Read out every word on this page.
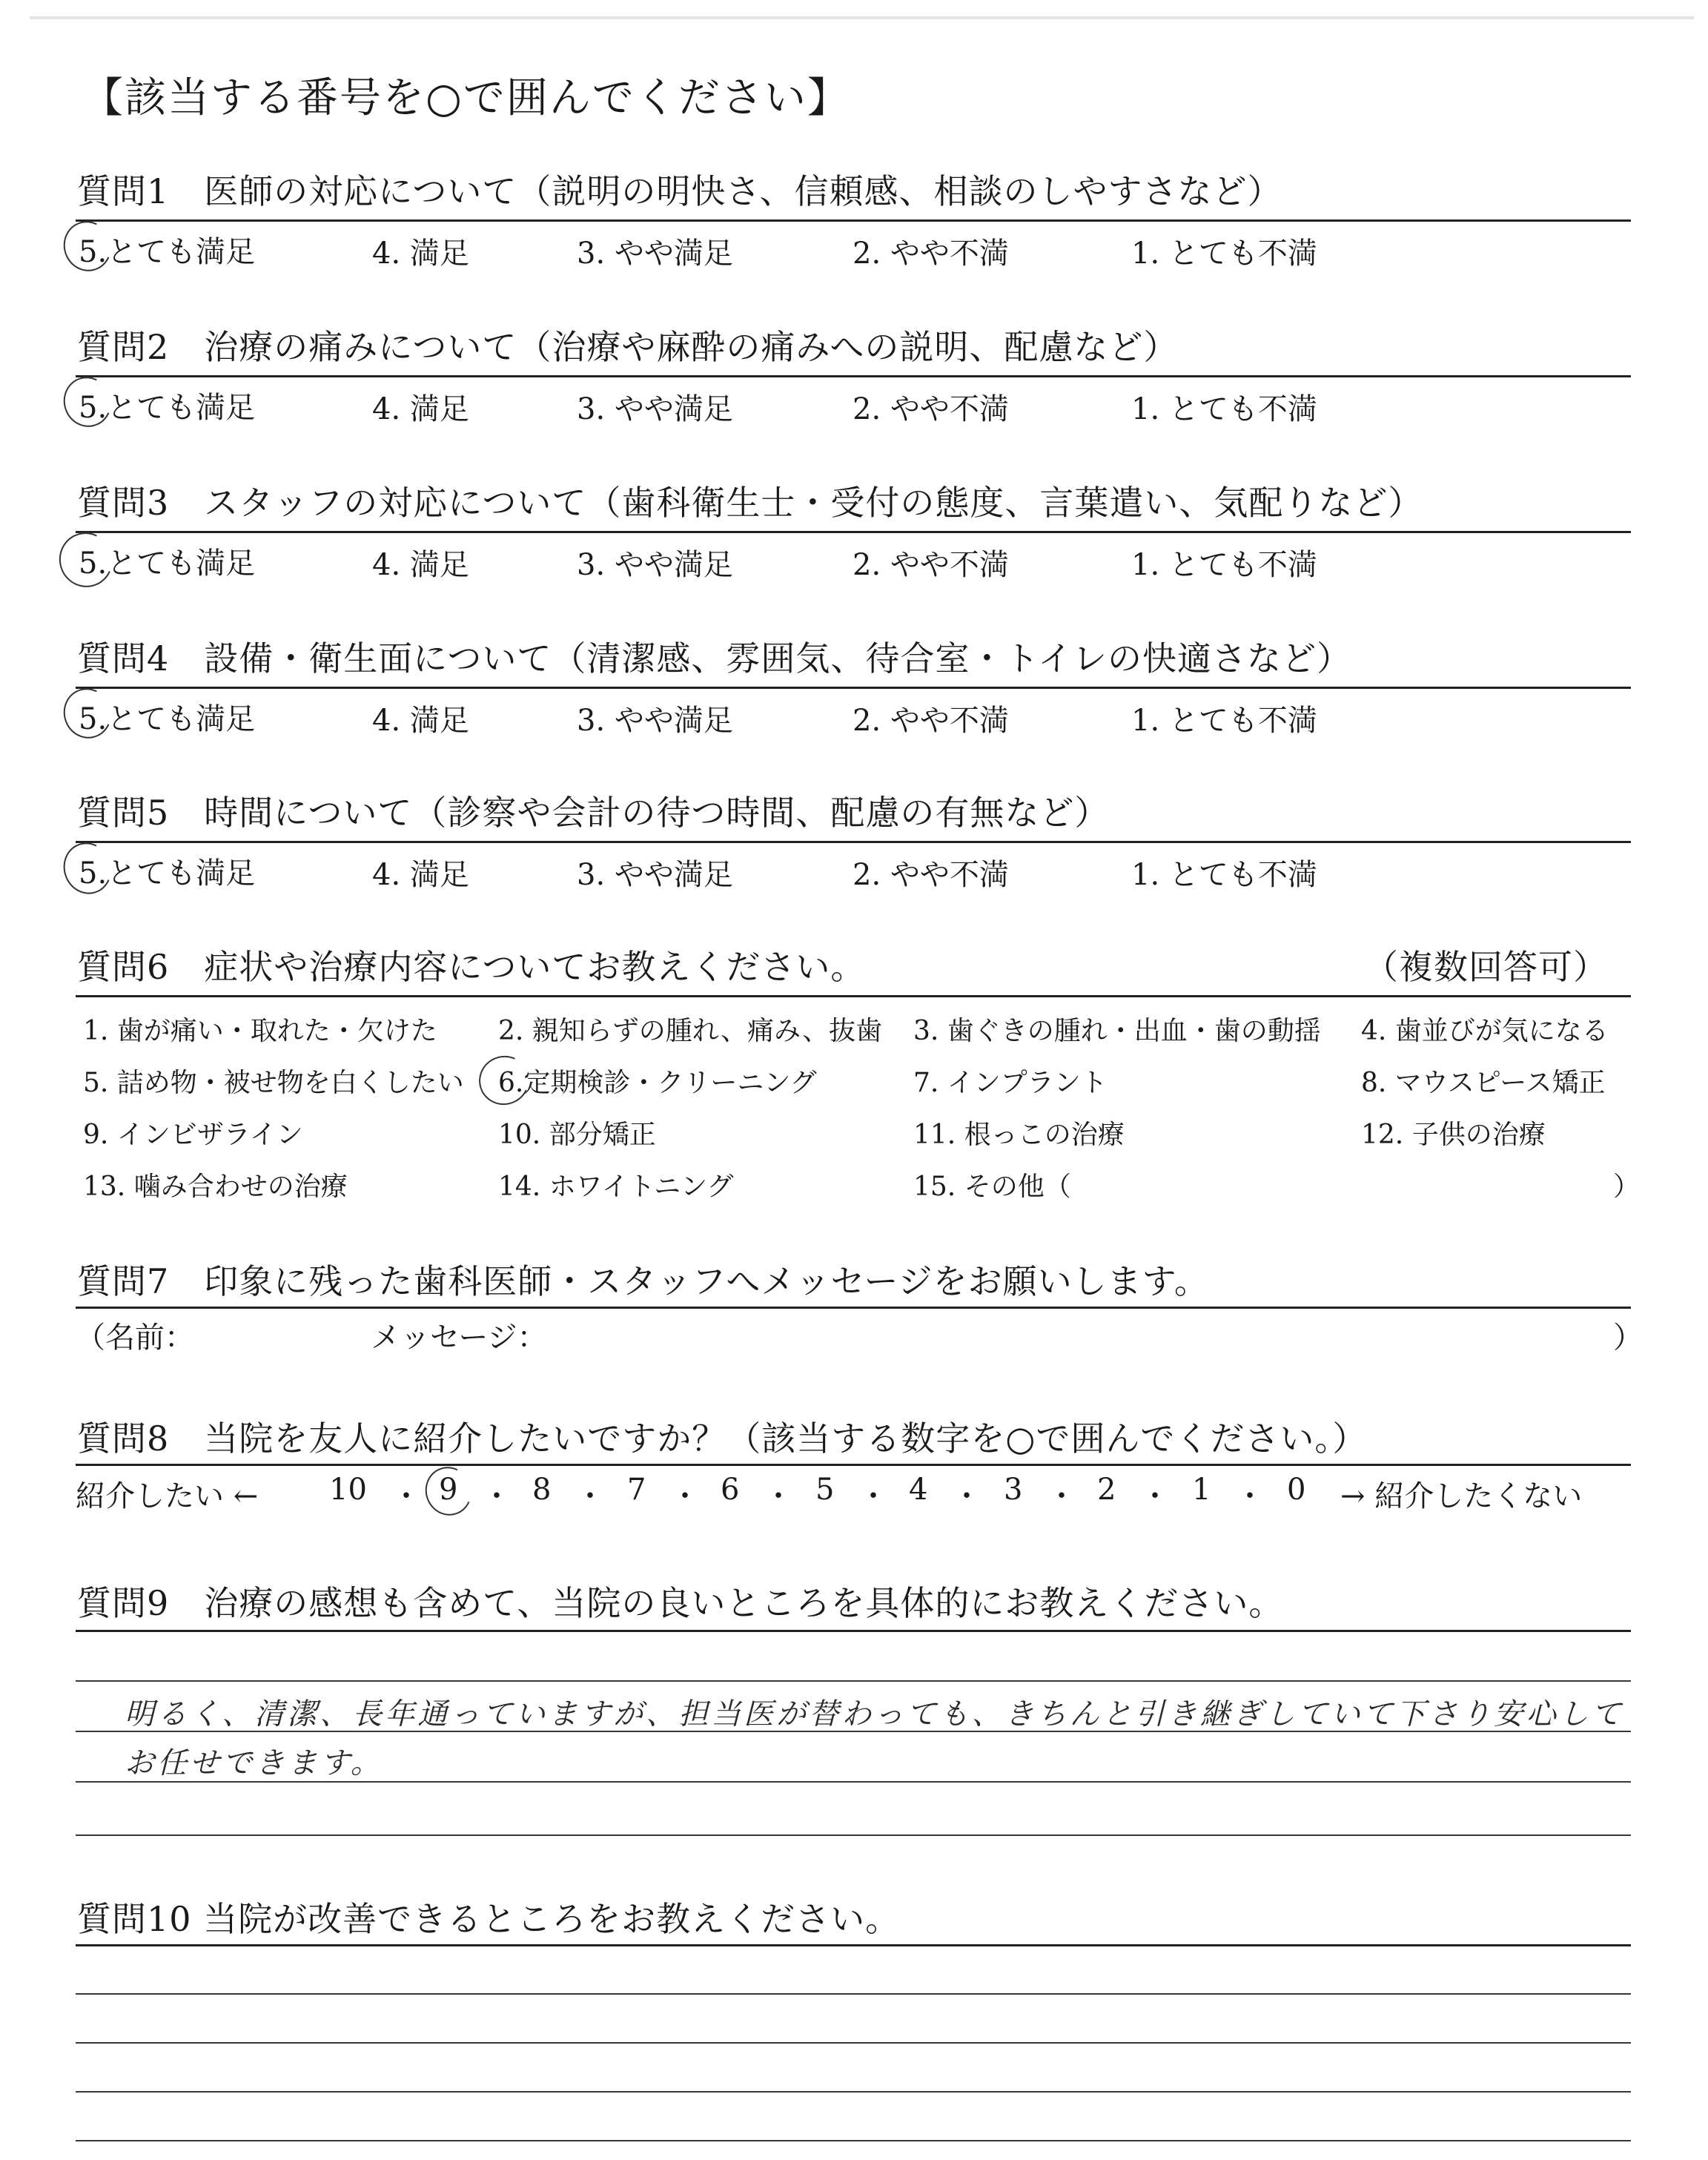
【該当する番号を○で囲んでください】
質問1　医師の対応について（説明の明快さ、信頼感、相談のしやすさなど）
5.とても満足	4. 満足	3. やや満足	2. やや不満	1. とても不満
質問2　治療の痛みについて（治療や麻酔の痛みへの説明、配慮など）
5.とても満足	4. 満足	3. やや満足	2. やや不満	1. とても不満
質問3　スタッフの対応について（歯科衛生士・受付の態度、言葉遣い、気配りなど）
5.とても満足	4. 満足	3. やや満足	2. やや不満	1. とても不満
質問4　設備・衛生面について（清潔感、雰囲気、待合室・トイレの快適さなど）
5.とても満足	4. 満足	3. やや満足	2. やや不満	1. とても不満
質問5　時間について（診察や会計の待つ時間、配慮の有無など）
5.とても満足	4. 満足	3. やや満足	2. やや不満	1. とても不満
質問6　症状や治療内容についてお教えください。	（複数回答可）
1. 歯が痛い・取れた・欠けた 2. 親知らずの腫れ、痛み、抜歯 3. 歯ぐきの腫れ・出血・歯の動揺 4. 歯並びが気になる
5. 詰め物・被せ物を白くしたい 6.定期検診・クリーニング	7. インプラント	8. マウスピース矯正
9. インビザライン	10. 部分矯正	11. 根っこの治療	12. 子供の治療
13. 噛み合わせの治療	14. ホワイトニング	15. その他（	）
質問7　印象に残った歯科医師・スタッフへメッセージをお願いします。
（名前：	メッセージ：	）
質問8　当院を友人に紹介したいですか？（該当する数字を○で囲んでください。）
紹介したい ← 10 ・ 9 ・ 8 ・ 7 ・ 6 ・ 5 ・ 4 ・ 3 ・ 2 ・ 1 ・ 0 → 紹介したくない
質問9　治療の感想も含めて、当院の良いところを具体的にお教えください。
明るく、清潔、長年通っていますが、担当医が替わっても、きちんと引き継ぎしていて下さり安心して
お任せできます。
質問10 当院が改善できるところをお教えください。
